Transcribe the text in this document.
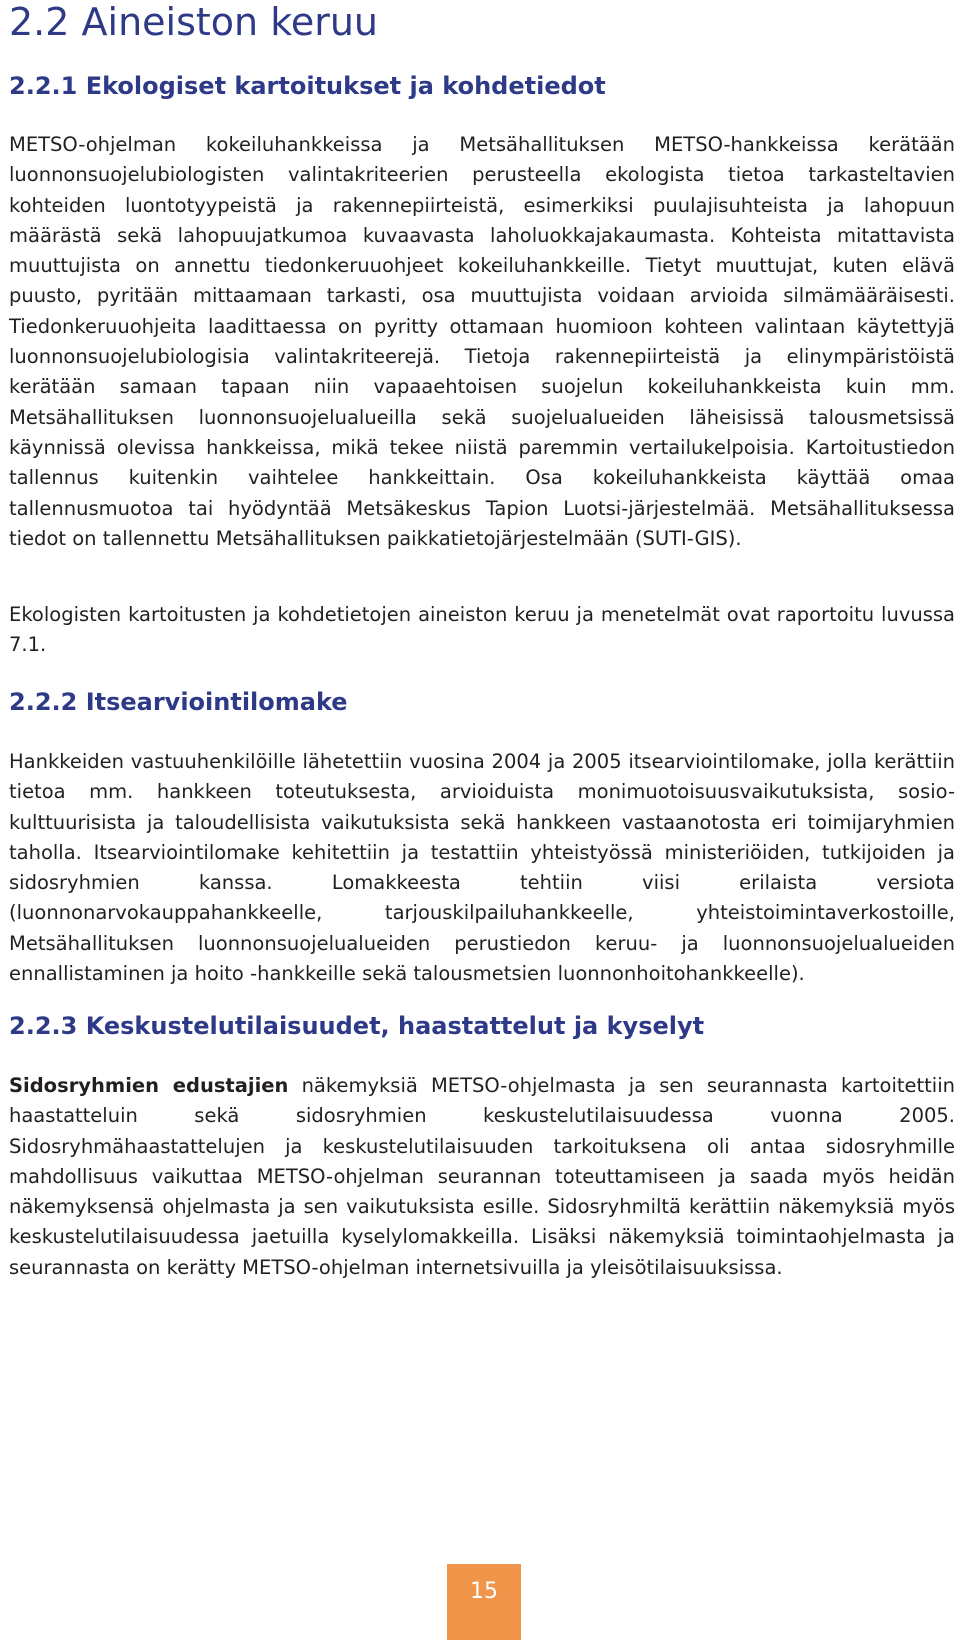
2.2 Aineiston keruu
2.2.1 Ekologiset kartoitukset ja kohdetiedot

METSO-ohjelman kokeiluhankkeissa ja Metsähallituksen METSO-hankkeissa kerätään luonnonsuojelubiologisten valintakriteerien perusteella ekologista tietoa tarkasteltavien kohteiden luontotyypeistä ja rakennepiirteistä, esimerkiksi puulajisuhteista ja lahopuun määrästä sekä lahopuujatkumoa kuvaavasta laholuokkajakaumasta. Kohteista mitattavista muuttujista on annettu tiedonkeruuohjeet kokeiluhankkeille. Tietyt muuttujat, kuten elävä puusto, pyritään mittaamaan tarkasti, osa muuttujista voidaan arvioida silmämääräisesti. Tiedonkeruuohjeita laadittaessa on pyritty ottamaan huomioon kohteen valintaan käytettyjä luonnonsuojelubiologisia valintakriteerejä. Tietoja rakennepiirteistä ja elinympäristöistä kerätään samaan tapaan niin vapaaehtoisen suojelun kokeiluhankkeista kuin mm. Metsähallituksen luonnonsuojelualueilla sekä suojelualueiden läheisissä talousmetsissä käynnissä olevissa hankkeissa, mikä tekee niistä paremmin vertailukelpoisia. Kartoitustiedon tallennus kuitenkin vaihtelee hankkeittain. Osa kokeiluhankkeista käyttää omaa tallennusmuotoa tai hyödyntää Metsäkeskus Tapion Luotsi-järjestelmää. Metsähallituksessa tiedot on tallennettu Metsähallituksen paikkatietojärjestelmään (SUTI-GIS).

Ekologisten kartoitusten ja kohdetietojen aineiston keruu ja menetelmät ovat raportoitu luvussa 7.1.

2.2.2 Itsearviointilomake

Hankkeiden vastuuhenkilöille lähetettiin vuosina 2004 ja 2005 itsearviointilomake, jolla kerättiin tietoa mm. hankkeen toteutuksesta, arvioiduista monimuotoisuusvaikutuksista, sosio-kulttuurisista ja taloudellisista vaikutuksista sekä hankkeen vastaanotosta eri toimijaryhmien taholla. Itsearviointilomake kehitettiin ja testattiin yhteistyössä ministeriöiden, tutkijoiden ja sidosryhmien kanssa. Lomakkeesta tehtiin viisi erilaista versiota (luonnonarvokauppahankkeelle, tarjouskilpailuhankkeelle, yhteistoimintaverkostoille, Metsähallituksen luonnonsuojelualueiden perustiedon keruu- ja luonnonsuojelualueiden ennallistaminen ja hoito -hankkeille sekä talousmetsien luonnonhoitohankkeelle).

2.2.3 Keskustelutilaisuudet, haastattelut ja kyselyt

Sidosryhmien edustajien näkemyksiä METSO-ohjelmasta ja sen seurannasta kartoitettiin haastatteluin sekä sidosryhmien keskustelutilaisuudessa vuonna 2005. Sidosryhmähaastattelujen ja keskustelutilaisuuden tarkoituksena oli antaa sidosryhmille mahdollisuus vaikuttaa METSO-ohjelman seurannan toteuttamiseen ja saada myös heidän näkemyksensä ohjelmasta ja sen vaikutuksista esille. Sidosryhmiltä kerättiin näkemyksiä myös keskustelutilaisuudessa jaetuilla kyselylomakkeilla. Lisäksi näkemyksiä toimintaohjelmasta ja seurannasta on kerätty METSO-ohjelman internetsivuilla ja yleisötilaisuuksissa.

15
